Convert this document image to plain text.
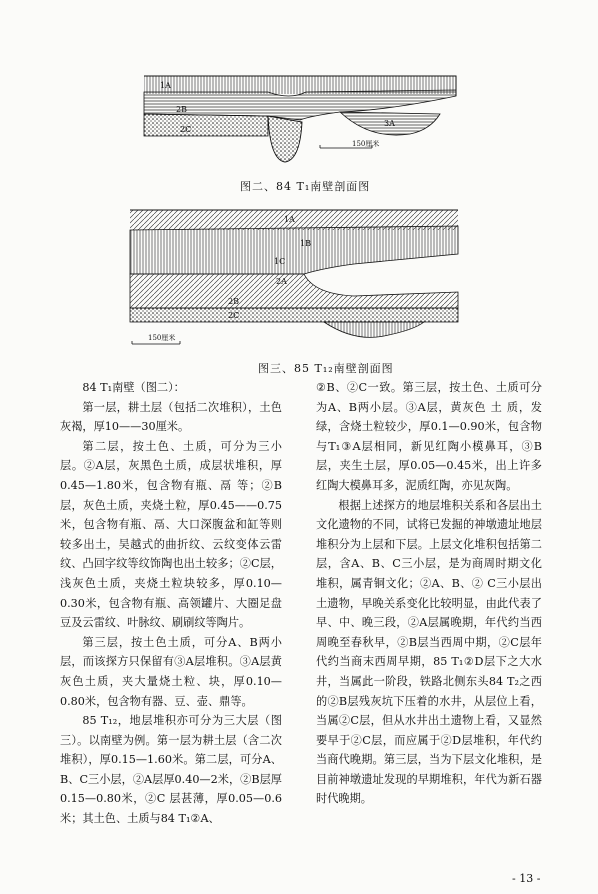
1A
2B
2C
3A
150厘米
图二、84 T₁南壁剖面图
1A
1B
1C
2A
2B
2C
150厘米
图三、85 T₁₂南壁剖面图

84 T₁南壁（图二）：

第一层，耕土层（包括二次堆积），土色灰褐，厚10——30厘米。

第二层，按土色、土质，可分为三小层。②A层，灰黑色土质，成层状堆积，厚0.45—1.80米，包含物有瓶、鬲 等；②B层，灰色土质，夹烧土粒，厚0.45——0.75米，包含物有瓶、鬲、大口深腹盆和缸等则较多出土，吴越式的曲折纹、云纹变体云雷纹、凸回字纹等纹饰陶也出土较多；②C层，浅灰色土质，夹烧土粒块较多，厚0.10—0.30米，包含物有瓶、高领罐片、大圈足盘豆及云雷纹、叶脉纹、刷刷纹等陶片。

第三层，按土色土质，可分A、B两小层，而该探方只保留有③A层堆积。③A层黄灰色土质，夹大量烧土粒、块，厚0.10—0.80米，包含物有器、豆、壶、鼎等。

85 T₁₂，地层堆积亦可分为三大层（图三）。以南壁为例。第一层为耕土层（含二次堆积），厚0.15—1.60米。第二层，可分A、B、C三小层，②A层厚0.40—2米，②B层厚0.15—0.80米，②C 层甚薄，厚0.05—0.6米；其土色、土质与84 T₁②A、

②B、②C一致。第三层，按土色、土质可分为A、B两小层。③A层，黄灰色 土 质，发绿，含烧土粒较少，厚0.1—0.90米，包含物与T₁③A层相同，新见红陶小模鼻耳，③B层，夹生土层，厚0.05—0.45米，出上许多红陶大模鼻耳多，泥质红陶，亦见灰陶。

根据上述探方的地层堆积关系和各层出土文化遗物的不同，试将已发掘的神墩遗址地层堆积分为上层和下层。上层文化堆积包括第二层，含A、B、C三小层，是为商周时期文化堆积，属青铜文化；②A、B、② C三小层出土遗物，早晚关系变化比较明显，由此代表了早、中、晚三段，②A层属晚期，年代约当西周晚至春秋早，②B层当西周中期，②C层年代约当商末西周早期，85 T₁②D层下之大水井，当属此一阶段，铁路北侧东头84 T₂之西的②B层残灰坑下压着的水井，从层位上看，当属②C层，但从水井出土遗物上看，又显然要早于②C层，而应属于②D层堆积，年代约当商代晚期。第三层，当为下层文化堆积，是目前神墩遗址发现的早期堆积，年代为新石器时代晚期。

- 13 -
